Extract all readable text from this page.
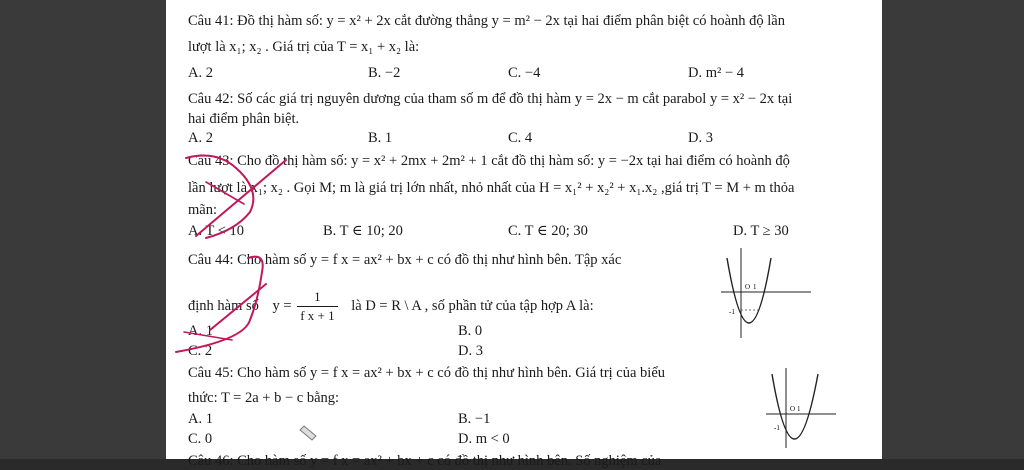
Câu 41: Đồ thị hàm số: y = x² + 2x cắt đường thẳng y = m² − 2x tại hai điểm phân biệt có hoành độ lần
lượt là x₁; x₂ . Giá trị của T = x₁ + x₂ là:
A. 2	B. −2	C. −4	D. m² − 4
Câu 42: Số các giá trị nguyên dương của tham số m để đồ thị hàm y = 2x − m cắt parabol y = x² − 2x tại
hai điểm phân biệt.
A. 2	B. 1	C. 4	D. 3
Câu 43: Cho đồ thị hàm số: y = x² + 2mx + 2m² + 1 cắt đồ thị hàm số: y = −2x tại hai điểm có hoành độ
lần lượt là x₁; x₂ . Gọi M; m là giá trị lớn nhất, nhỏ nhất của H = x₁² + x₂² + x₁.x₂ ,giá trị T = M + m thỏa
mãn:
A. T < 10	B. T ∈ 10; 20	C. T ∈ 20; 30	D. T ≥ 30
Câu 44: Cho hàm số y = f x = ax² + bx + c có đồ thị như hình bên. Tập xác
định hàm số $y = \frac{1}{\text{f x + 1}}$ là D = R \ A , số phần tử của tập hợp A là:
A. 1	B. 0
C. 2	D. 3
O 1
-1
Câu 45: Cho hàm số y = f x = ax² + bx + c có đồ thị như hình bên. Giá trị của biểu
thức: T = 2a + b − c bằng:
A. 1	B. −1
C. 0	D. m < 0
O 1
-1
Câu 46: Cho hàm số y = f x = ax² + bx + c có đồ thị như hình bên. Số nghiệm của
